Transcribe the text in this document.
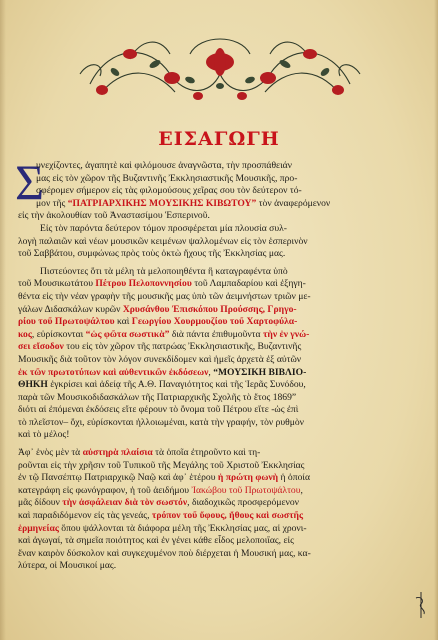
ΕΙΣΑΓΩΓΗ
Σ
υνεχίζοντες, ἀγαπητὲ καὶ φιλόμουσε ἀναγνῶστα, τὴν προσπάθειάν
μας εἰς τὸν χῶρον τῆς Βυζαντινῆς Ἐκκλησιαστικῆς Μουσικῆς, προ-
σφέρομεν σήμερον εἰς τὰς φιλομούσους χεῖρας σου τὸν δεύτερον τό-
μον τῆς “ΠΑΤΡΙΑΡΧΙΚΗΣ ΜΟΥΣΙΚΗΣ ΚΙΒΩΤΟΥ” τὸν ἀναφερόμενον
εἰς τὴν ἀκολουθίαν τοῦ Ἀναστασίμου Ἑσπερινοῦ.
Εἰς τὸν παρόντα δεύτερον τόμον προσφέρεται μία πλουσία συλ-
λογὴ παλαιῶν καὶ νέων μουσικῶν κειμένων ψαλλομένων εἰς τὸν ἑσπερινὸν
τοῦ Σαββάτου, συμφώνως πρὸς τοὺς ὀκτὼ ἤχους τῆς Ἐκκλησίας μας.
Πιστεύοντες ὅτι τὰ μέλη τὰ μελοποιηθέντα ἢ καταγραφέντα ὑπὸ
τοῦ Μουσικωτάτου Πέτρου Πελοποννησίου τοῦ Λαμπαδαρίου καὶ ἐξηγη-
θέντα εἰς τὴν νέαν γραφὴν τῆς μουσικῆς μας ὑπὸ τῶν ἀειμνήστων τριῶν με-
γάλων Διδασκάλων κυρῶν Χρυσάνθου Ἐπισκόπου Προύσσης, Γρηγο-
ρίου τοῦ Πρωτοψάλτου καὶ Γεωργίου Χουρμουζίου τοῦ Χαρτοφύλα-
κος, εὑρίσκονται “ὡς φῶτα σωστικὰ” διὰ πάντα ἐπιθυμοῦντα τὴν ἐν γνώ-
σει εἴσοδον του εἰς τὸν χῶρον τῆς πατρώας Ἐκκλησιαστικῆς, Βυζαντινῆς
Μουσικῆς διὰ τοῦτον τὸν λόγον συνεκδίδομεν καὶ ἡμεῖς ἀρχετὰ ἐξ αὐτῶν
ἐκ τῶν πρωτοτύπων καὶ αὐθεντικῶν ἐκδόσεων, “ΜΟΥΣΙΚΗ ΒΙΒΛΙΟ-
ΘΗΚΗ ἐγκρίσει καὶ ἀδείᾳ τῆς Α.Θ. Παναγιότητος καὶ τῆς Ἱερᾶς Συνόδου,
παρὰ τῶν Μουσικοδιδασκάλων τῆς Πατριαρχικῆς Σχολῆς τὸ ἔτος 1869”
διότι αἱ ἐπόμεναι ἐκδόσεις εἴτε φέρουν τὸ ὄνομα τοῦ Πέτρου εἴτε -ὡς ἐπὶ
τὸ πλεῖστον– ὄχι, εὑρίσκονται ἠλλοιωμέναι, κατὰ τὴν γραφήν, τὸν ρυθμὸν
καὶ τὸ μέλος!
Ἀφ᾽ ἑνὸς μὲν τὰ αὐστηρὰ πλαίσια τὰ ὁποῖα ἐτηροῦντο καὶ τη-
ροῦνται εἰς τὴν χρῆσιν τοῦ Τυπικοῦ τῆς Μεγάλης τοῦ Χριστοῦ Ἐκκλησίας
ἐν τῷ Πανσέπτῳ Πατριαρχικῷ Ναῷ καὶ ἀφ᾽ ἑτέρου ἡ πρώτη φωνὴ ἡ ὁποία
κατεγράφη εἰς φωνόγραφον, ἡ τοῦ ἀειδήμου Ἰακώβου τοῦ Πρωτοψάλτου,
μᾶς δίδουν τὴν ἀσφάλειαν διὰ τὸν σωστόν, διαδοχικῶς προσφερόμενον
καὶ παραδιδόμενον εἰς τὰς γενεάς, τρόπον τοῦ ὕφους, ἤθους καὶ σωστῆς
ἑρμηνείας ὅπου ψάλλονται τὰ διάφορα μέλη τῆς Ἐκκλησίας μας, αἱ χρονι-
καὶ ἀγωγαί, τὰ σημεῖα ποιότητος καὶ ἐν γένει κάθε εἶδος μελοποιΐας, εἰς
ἕναν καιρὸν δύσκολον καὶ συγκεχυμένον ποὺ διέρχεται ἡ Μουσική μας, κα-
λύτερα, οἱ Μουσικοί μας.
